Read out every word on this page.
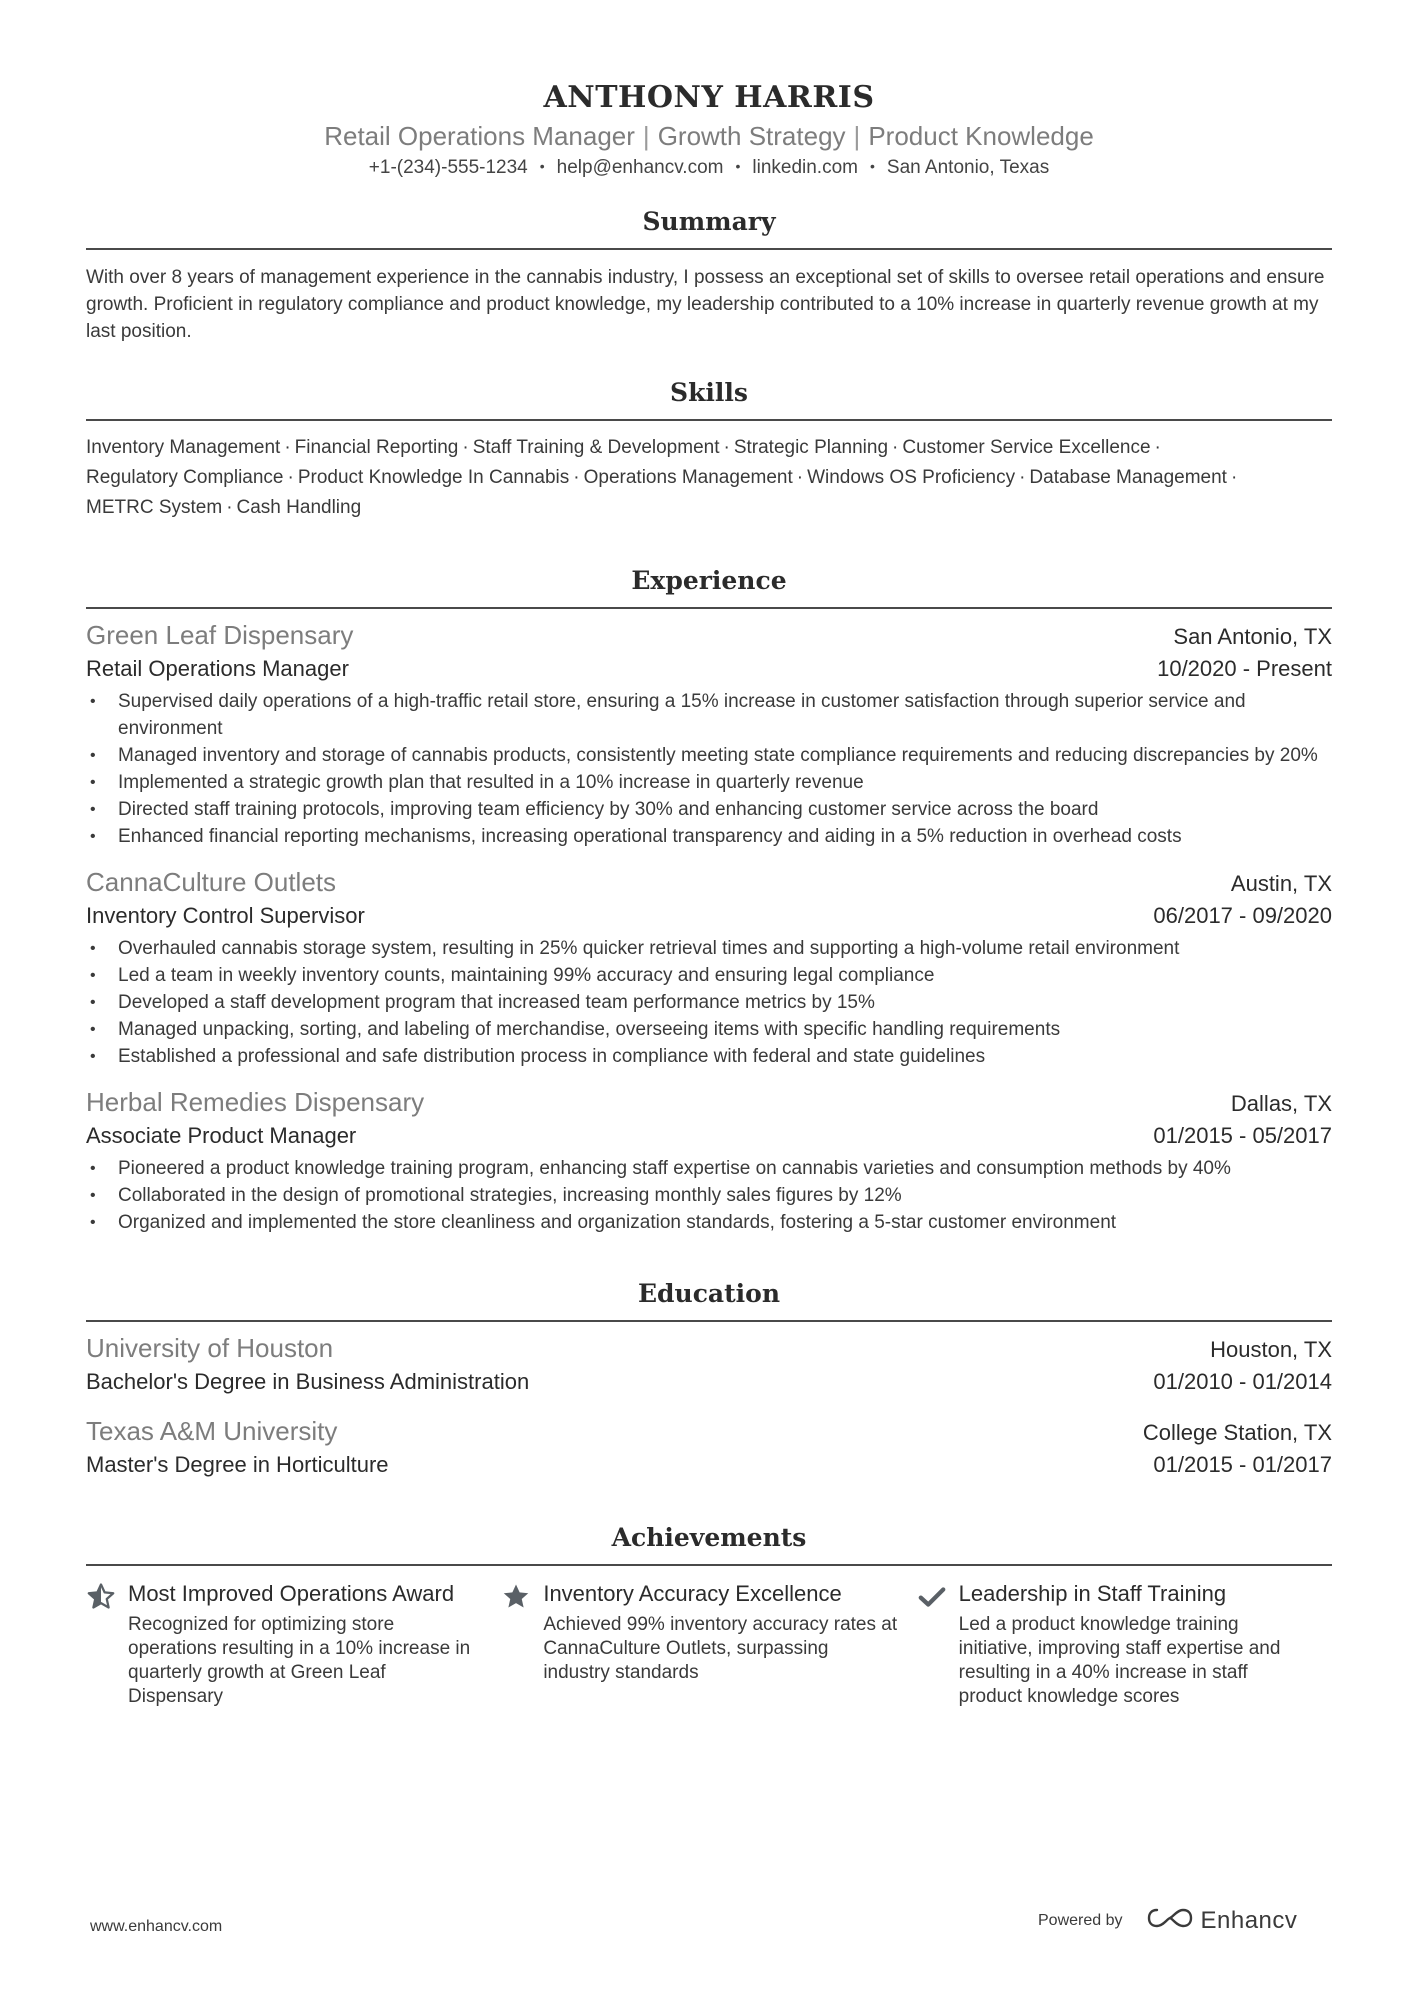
ANTHONY HARRIS
Retail Operations Manager | Growth Strategy | Product Knowledge
+1-(234)-555-1234 • help@enhancv.com • linkedin.com • San Antonio, Texas
Summary
With over 8 years of management experience in the cannabis industry, I possess an exceptional set of skills to oversee retail operations and ensure growth. Proficient in regulatory compliance and product knowledge, my leadership contributed to a 10% increase in quarterly revenue growth at my last position.
Skills
Inventory Management · Financial Reporting · Staff Training & Development · Strategic Planning · Customer Service Excellence ·
Regulatory Compliance · Product Knowledge In Cannabis · Operations Management · Windows OS Proficiency · Database Management ·
METRC System · Cash Handling
Experience
Green Leaf Dispensary	San Antonio, TX
Retail Operations Manager	10/2020 - Present
• Supervised daily operations of a high-traffic retail store, ensuring a 15% increase in customer satisfaction through superior service and environment
• Managed inventory and storage of cannabis products, consistently meeting state compliance requirements and reducing discrepancies by 20%
• Implemented a strategic growth plan that resulted in a 10% increase in quarterly revenue
• Directed staff training protocols, improving team efficiency by 30% and enhancing customer service across the board
• Enhanced financial reporting mechanisms, increasing operational transparency and aiding in a 5% reduction in overhead costs
CannaCulture Outlets	Austin, TX
Inventory Control Supervisor	06/2017 - 09/2020
• Overhauled cannabis storage system, resulting in 25% quicker retrieval times and supporting a high-volume retail environment
• Led a team in weekly inventory counts, maintaining 99% accuracy and ensuring legal compliance
• Developed a staff development program that increased team performance metrics by 15%
• Managed unpacking, sorting, and labeling of merchandise, overseeing items with specific handling requirements
• Established a professional and safe distribution process in compliance with federal and state guidelines
Herbal Remedies Dispensary	Dallas, TX
Associate Product Manager	01/2015 - 05/2017
• Pioneered a product knowledge training program, enhancing staff expertise on cannabis varieties and consumption methods by 40%
• Collaborated in the design of promotional strategies, increasing monthly sales figures by 12%
• Organized and implemented the store cleanliness and organization standards, fostering a 5-star customer environment
Education
University of Houston	Houston, TX
Bachelor's Degree in Business Administration	01/2010 - 01/2014
Texas A&M University	College Station, TX
Master's Degree in Horticulture	01/2015 - 01/2017
Achievements
Most Improved Operations Award
Recognized for optimizing store operations resulting in a 10% increase in quarterly growth at Green Leaf Dispensary
Inventory Accuracy Excellence
Achieved 99% inventory accuracy rates at CannaCulture Outlets, surpassing industry standards
Leadership in Staff Training
Led a product knowledge training initiative, improving staff expertise and resulting in a 40% increase in staff product knowledge scores
www.enhancv.com	Powered by	Enhancv
